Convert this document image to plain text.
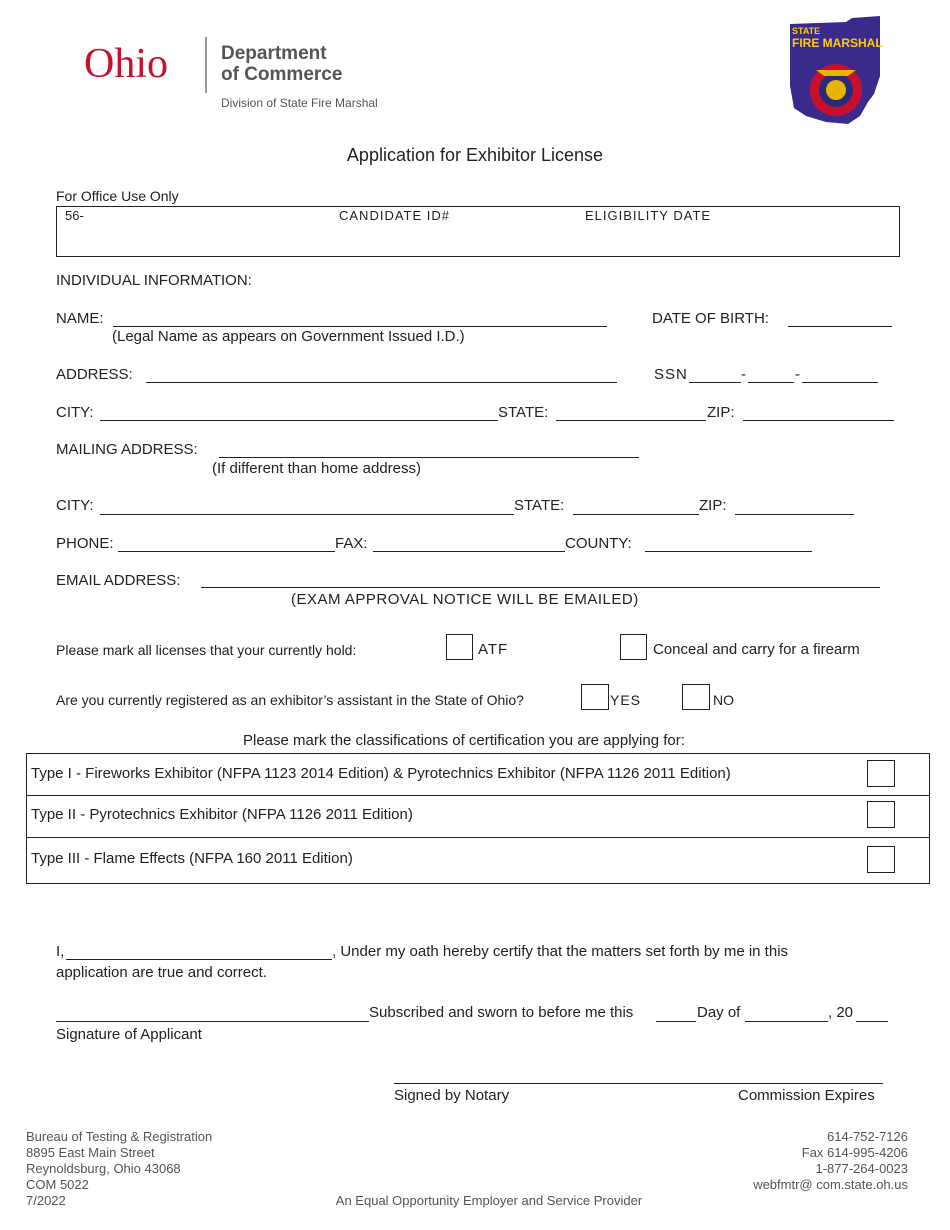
Ohio	Department
of Commerce
Division of State Fire Marshal
STATE
FIRE MARSHAL
Application for Exhibitor License
For Office Use Only
56-	CANDIDATE ID#	ELIGIBILITY DATE
INDIVIDUAL INFORMATION:
NAME:
(Legal Name as appears on Government Issued I.D.)
DATE OF BIRTH:
ADDRESS:	SSN	-	-
CITY:	STATE:	ZIP:
MAILING ADDRESS:
(If different than home address)
CITY:	STATE:	ZIP:
PHONE:	FAX:	COUNTY:
EMAIL ADDRESS:
(EXAM APPROVAL NOTICE WILL BE EMAILED)
Please mark all licenses that your currently hold:	ATF	Conceal and carry for a firearm
Are you currently registered as an exhibitor’s assistant in the State of Ohio?	YES	NO
Please mark the classifications of certification you are applying for:
Type I - Fireworks Exhibitor (NFPA 1123 2014 Edition) & Pyrotechnics Exhibitor (NFPA 1126 2011 Edition)
Type II - Pyrotechnics Exhibitor (NFPA 1126 2011 Edition)
Type III - Flame Effects (NFPA 160 2011 Edition)
I,	, Under my oath hereby certify that the matters set forth by me in this
application are true and correct.
Subscribed and sworn to before me this	Day of	, 20
Signature of Applicant
Signed by Notary	Commission Expires
Bureau of Testing & Registration
8895 East Main Street
Reynoldsburg, Ohio 43068
COM 5022
7/2022
614-752-7126
Fax 614-995-4206
1-877-264-0023
webfmtr@ com.state.oh.us
An Equal Opportunity Employer and Service Provider
